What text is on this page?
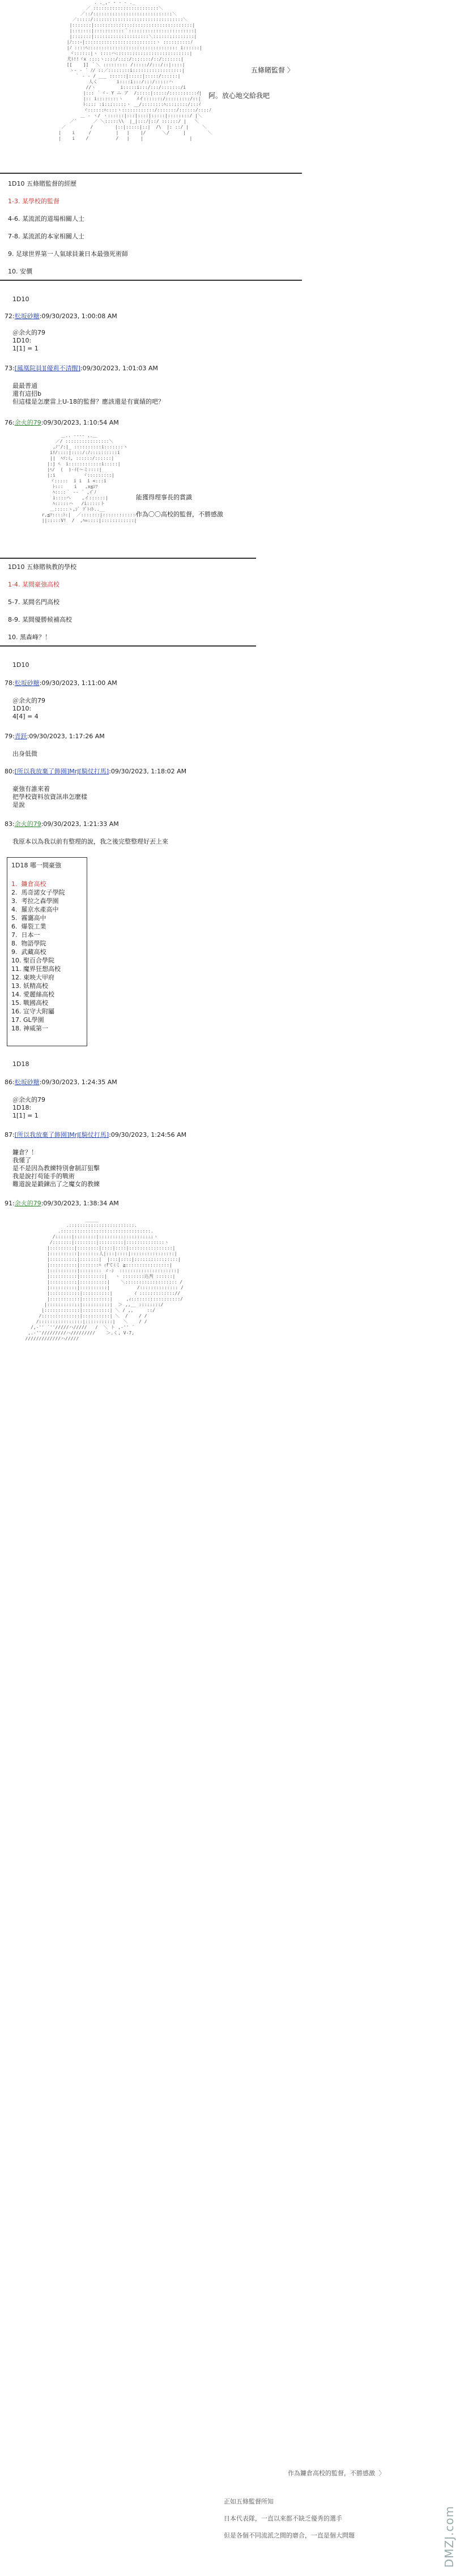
. ._,- - - - ._
／ ::::::::::::::::::::::::＼
／::/:::::::::::::::::::::::::::::＼
／:::::/:::::::::::::::::::::::::::::::::＼
|:::::::|::::::::::::::::::::::::::::::::::::|
|:::::::|:::::::::::｀::::::::::::::::::::::::|
|:::::::|::::::::::::::::::::＼:::::::::::::::|
|ﾉ:::ｰ|::::::::::::::::::::::::::ヽ ::::::::::ﾉ
|ﾉ ::::ﾍ::::::::::::::::::::::::::::::::: i::::::|
ヾ::::::|ヽ ::::ハ:::::::::::::::::::::::::::|
犬ﾄ!!ヾx ::::ヽ::::/::::/:::::::/::/:::::::|
[[    ]] ｀＼ ::::::::: /::::://:::/::|::::|
ヽ- - ´ ﾉ/ ::／::::::::i::::::::::::::::::|
｀ - ‐ / ___ ::::::|:::::|:::::/::::::|
人く       i::::i:::/:::/:::::ハ
//ヽ         i:::::i:::/:::/:::::::/i
|::: ｀ヾ- Y ニ ア  /:::::|:::::/::::::::::ｲ|
|:: i::::::::ヽ     ﾒイ:::::::/:::::::::/::|
ﾄ:::: :i::::::::ヽ __/::::::::ﾊ::::::::/:::ｲ
ヾ::::::ﾊ::::ヽ::::::::::::/:::::::/::::::/::::ﾉ
＿ ‐ ヽ/ ヽ::::::|:::|::::|:::::|::::::::/ |＼
／´      ／ ＼:::::\\  |_|:::ﾉ|::/ ::::::/ |   ＼
／         /        |::|:::::|::|  /\  |: ::/ |     ＼
|    i     /         |   |    |/      ＼/     |        ＼
|    i    /          /   |    |                 |
五條賭監督 〉
阿。放心地交給我吧
1D10 五條賭監督的經歷
1-3. 某學校的監督
4-6. 某流派的道場相關人士
7-8. 某流派的本家相關人士
9. 足球世界第一人氣球員兼日本最強死術師
10. 安價
1D10
72:松坂砂糖:09/30/2023, 1:00:08 AM
＠余火的79
1D10:
1[1] = 1
73:[鳳凰院員][優莉不清醒]:09/30/2023, 1:01:03 AM
最最普通
還有這招b
但這樣是怎麼當上U-18的監督？應該還是有實績的吧？
76:余火的79:09/30/2023, 1:10:54 AM
＿.. ---- ..＿
／/ ::::::::::::::::＼
,ﾉ'/:|_ ::::::::::i:::::::ヽ
iﾘ/::::|::::/:ﾉ::::::::::i
||  ﾍｿ:ﾐ, ::::::/::::::|
|:j ﾍ  i::::::::::::i:::::|
|ﾍ/  (  )-ｲ(〜ミ::::|
|:i          ヾ:::::::::|
ヾ:::::  i i  i <:::i
ﾄ:::    i   ,x≦ｼﾌ
ﾊ::::｀ -- ´ ,ｲﾞﾉ
i::::ヘ    ,イ::::::|
ﾊ:::::ハ   /i:::::ト
＿:::::ゝ,ｼﾞ ﾌﾞﾄｲﾄ..__
r,≦ﾂ::::ﾄ:|  ／:::::::|::::::::::::ﾊ
||:::::V!  /  ,ﾊ=::::|::::::::::::|
能獲得理事長的賞識
作為〇〇高校的監督，不勝感激
1D10 五條賭執教的學校
1-4. 某間豪強高校
5-7. 某間名門高校
8-9. 某間優勝候補高校
10. 黑森峰？！
1D10
78:松坂砂糖:09/30/2023, 1:11:00 AM
＠余火的79
1D10:
4[4] = 4
79:青跃:09/30/2023, 1:17:26 AM
出身低微
80:[所以我放棄了飾園]MrJ[騎仗打馬]:09/30/2023, 1:18:02 AM
豪強有誰來着
把學校資料放資訊串怎麼樣
是說
83:余火的79:09/30/2023, 1:21:33 AM
我原本以為我以前有整理的說，我之後完整整理好丟上來
1D18 哪一間豪強
1.  鐮倉高校
2.  馬奇諾女子學院
3.  考拉之森學園
4.  羅京水產高中
5.  霧靄高中
6.  爆裂工業
7.  日本一
8.  物語學院
9.  武藏高校
10. 聖百合學院
11. 魔界狂想高校
12. 東映大甲府
13. 妖精高校
14. 愛麗絲高校
15. 戰國高校
16. 宣守大附屬
17. GL學園
18. 神威第一
1D18
86:松坂砂糖:09/30/2023, 1:24:35 AM
＠余火的79
1D18:
1[1] = 1
87:[所以我放棄了飾園]MrJ[騎仗打馬]:09/30/2023, 1:24:56 AM
鐮倉？！
我懂了
是不是因為教練特別會制訂狙擊
我是說打苟能手的戰術
難道說是鍛鍊出了之魔女的教練
91:余火的79:09/30/2023, 1:38:34 AM
_____
.::::::::::::::::::::::::.
.:::::::::::::::::::::::::::::::::.
/::::::|::::::::|::::::::::::::::::::ヽ
/:::::::|::::::::|:::::::::|::::::::::::::ヽ
|:::::::::|::::::::|::::|::::|::::::::::::::::|
|::::::::::|:::::::人|:::|::::|::::::::::::::::|
|::::::::::|:::::::|  |:::|::::|::::::::::::::::|
|::::::::::|:::::::ﾊ ｨfてﾐミ ≧::::::::::::::::|
|::::::::::|:::::::: ゞ-ｼ  :::::::::::::::::::::|
|::::::::::|:::::::::|   ヽ ::::::::込刋 ::::::|
|::::::::::|::::::::::|    ＼::::::::::::::::::: /
|::::::::::|::::::::::|          /:::::::::::::: /
|:::::::::::|::::::::::|        ｲ ::::::::::::://
|:::::::::::|::::::::::|     ,ｨ::::::::::::::::::/
|::::::::::::|::::::::::|  ＞ ,,__ ::::::::/
|:::::::::::::|::::::::::| ＼ / ,,     ::/
/::::::::::::::|::::::::::| ＼  /    / /
/::::::::::::::::|::::::::::|   ＼    / /
/,-'' ´''/////ハ/////   /  ＼ ト ,-'' ´
,.-''/////////ハ/////////    ＞.く, V-7,
/////////////ハ/////

作為鐮倉高校的監督，不勝感激 〉

正如五條監督所知

日本代表隊，一直以來都不缺乏優秀的選手

但是各個不同流派之間的磨合，一直是個大問題	DMZJ.com
